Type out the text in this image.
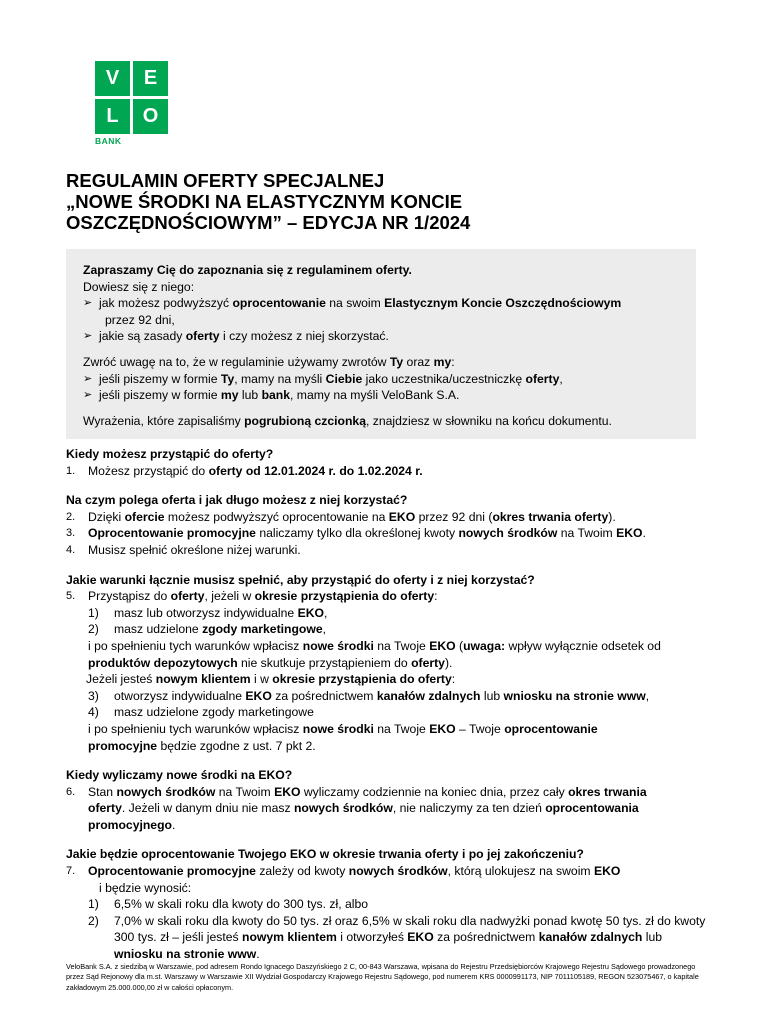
V	E
L	O
BANK
REGULAMIN OFERTY SPECJALNEJ
„NOWE ŚRODKI NA ELASTYCZNYM KONCIE
OSZCZĘDNOŚCIOWYM” – EDYCJA NR 1/2024

Zapraszamy Cię do zapoznania się z regulaminem oferty.

Dowiesz się z niego:

➢ jak możesz podwyższyć oprocentowanie na swoim Elastycznym Koncie Oszczędnościowym
przez 92 dni,
➢ jakie są zasady oferty i czy możesz z niej skorzystać.

Zwróć uwagę na to, że w regulaminie używamy zwrotów Ty oraz my:

➢ jeśli piszemy w formie Ty, mamy na myśli Ciebie jako uczestnika/uczestniczkę oferty,
➢ jeśli piszemy w formie my lub bank, mamy na myśli VeloBank S.A.

Wyrażenia, które zapisaliśmy pogrubioną czcionką, znajdziesz w słowniku na końcu dokumentu.

Kiedy możesz przystąpić do oferty?

1.	Możesz przystąpić do oferty od 12.01.2024 r. do 1.02.2024 r.

Na czym polega oferta i jak długo możesz z niej korzystać?

2.	Dzięki ofercie możesz podwyższyć oprocentowanie na EKO przez 92 dni (okres trwania oferty).
3.	Oprocentowanie promocyjne naliczamy tylko dla określonej kwoty nowych środków na Twoim EKO.
4.	Musisz spełnić określone niżej warunki.

Jakie warunki łącznie musisz spełnić, aby przystąpić do oferty i z niej korzystać?

5.	Przystąpisz do oferty, jeżeli w okresie przystąpienia do oferty:
1)	masz lub otworzysz indywidualne EKO,
2)	masz udzielone zgody marketingowe,
i po spełnieniu tych warunków wpłacisz nowe środki na Twoje EKO (uwaga: wpływ wyłącznie odsetek od
produktów depozytowych nie skutkuje przystąpieniem do oferty).
Jeżeli jesteś nowym klientem i w okresie przystąpienia do oferty:
3)	otworzysz indywidualne EKO za pośrednictwem kanałów zdalnych lub wniosku na stronie www,
4)	masz udzielone zgody marketingowe
i po spełnieniu tych warunków wpłacisz nowe środki na Twoje EKO – Twoje oprocentowanie
promocyjne będzie zgodne z ust. 7 pkt 2.

Kiedy wyliczamy nowe środki na EKO?

6.	Stan nowych środków na Twoim EKO wyliczamy codziennie na koniec dnia, przez cały okres trwania
oferty. Jeżeli w danym dniu nie masz nowych środków, nie naliczymy za ten dzień oprocentowania
promocyjnego.

Jakie będzie oprocentowanie Twojego EKO w okresie trwania oferty i po jej zakończeniu?

7.	Oprocentowanie promocyjne zależy od kwoty nowych środków, którą ulokujesz na swoim EKO
i będzie wynosić:
1)	6,5% w skali roku dla kwoty do 300 tys. zł, albo
2)	7,0% w skali roku dla kwoty do 50 tys. zł oraz 6,5% w skali roku dla nadwyżki ponad kwotę 50 tys. zł do kwoty 300 tys. zł – jeśli jesteś nowym klientem i otworzyłeś EKO za pośrednictwem kanałów zdalnych lub wniosku na stronie www.
VeloBank S.A. z siedzibą w Warszawie, pod adresem Rondo Ignacego Daszyńskiego 2 C, 00-843 Warszawa, wpisana do Rejestru Przedsiębiorców Krajowego Rejestru Sądowego prowadzonego przez Sąd Rejonowy dla m.st. Warszawy w Warszawie XII Wydział Gospodarczy Krajowego Rejestru Sądowego, pod numerem KRS 0000991173, NIP 7011105189, REGON 523075467, o kapitale zakładowym 25.000.000,00 zł w całości opłaconym.
